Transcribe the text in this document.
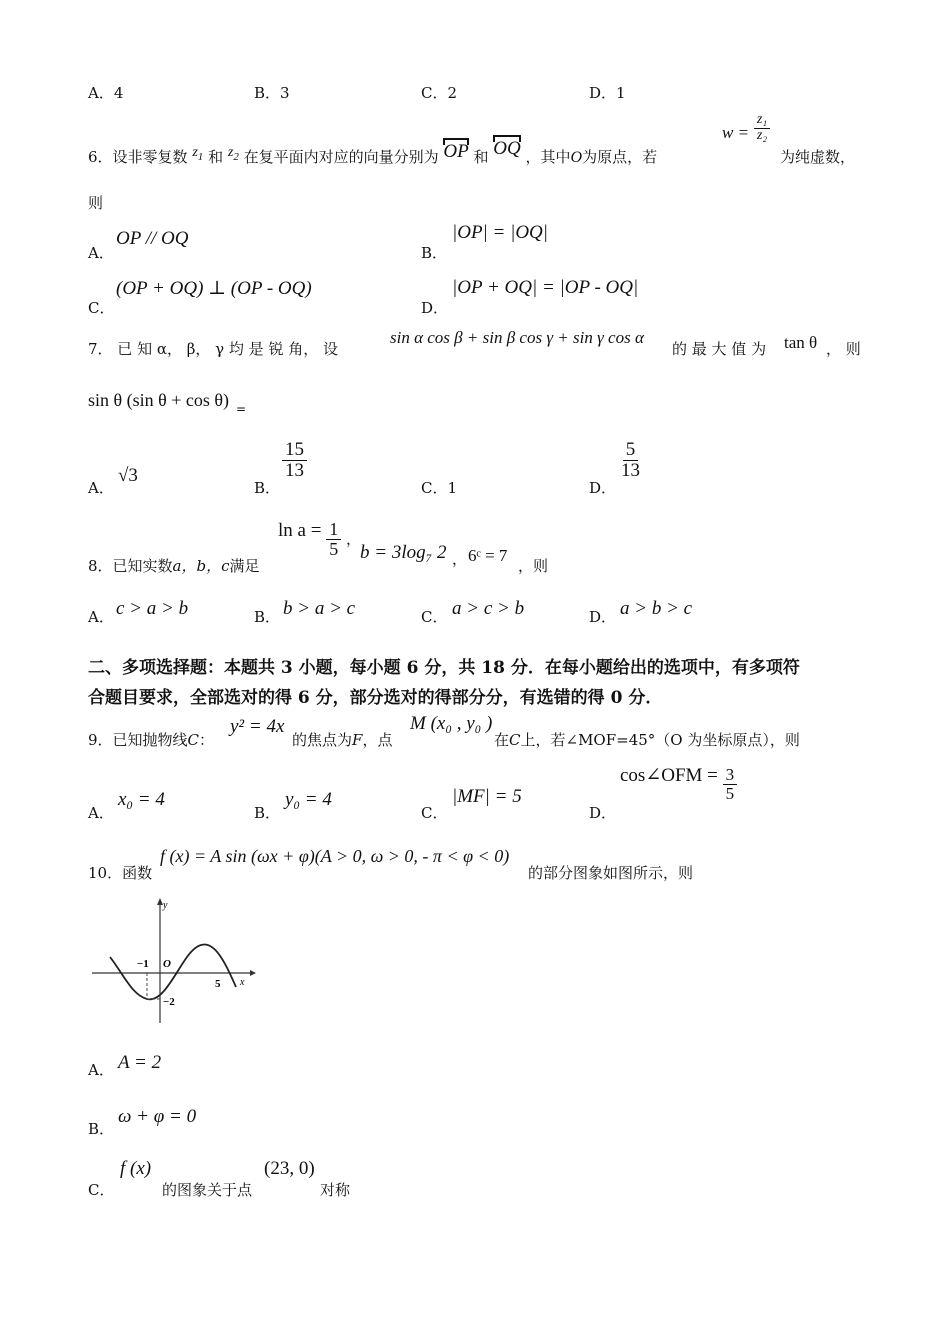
A．4	B．3	C．2	D．1
6．设非零复数 $z_1$ 和 $z_2$ 在复平面内对应的向量分别为 OP 和 OQ ，其中O为原点，若
$w = \frac{\text{z₁}}{\text{z₂}}$
为纯虚数，
则
A．
OP // OQ
B．
|OP| = |OQ|
C．
(OP + OQ) ⊥ (OP - OQ)
D．
|OP + OQ| = |OP - OQ|
7． 已 知 α， β， γ 均 是 锐 角， 设
sin α cos β + sin β cos γ + sin γ cos α
的 最 大 值 为 tan θ ， 则
sin θ (sin θ + cos θ) =
A．
√3
B．
$\frac{15}{13}$
C．1	D．
$\frac{5}{13}$
8．已知实数a，b，c满足
$\ln a = \frac{1}{5}$ ，
b = 3log₇ 2 ， 6ᶜ = 7
，则
A． c > a > b	B． b > a > c	C． a > c > b	D． a > b > c
二、多项选择题：本题共 3 小题，每小题 6 分，共 18 分．在每小题给出的选项中，有多项符
合题目要求，全部选对的得 6 分，部分选对的得部分分，有选错的得 0 分．
9．已知抛物线C：
y² = 4x
的焦点为F，点
M (x₀ , y₀ )
在C上，若∠MOF=45°（O 为坐标原点），则
A．
x₀ = 4
B．
y₀ = 4
C．
|MF| = 5
D．
cos∠OFM = $\frac{3}{5}$
10．函数
f (x) = A sin (ωx + φ)(A > 0, ω > 0, - π < φ < 0)
的部分图象如图所示，则
y
x
O
−1
5
−2
A． A = 2
B．
ω + φ = 0
C．
f (x)
的图象关于点
(23, 0)
对称
